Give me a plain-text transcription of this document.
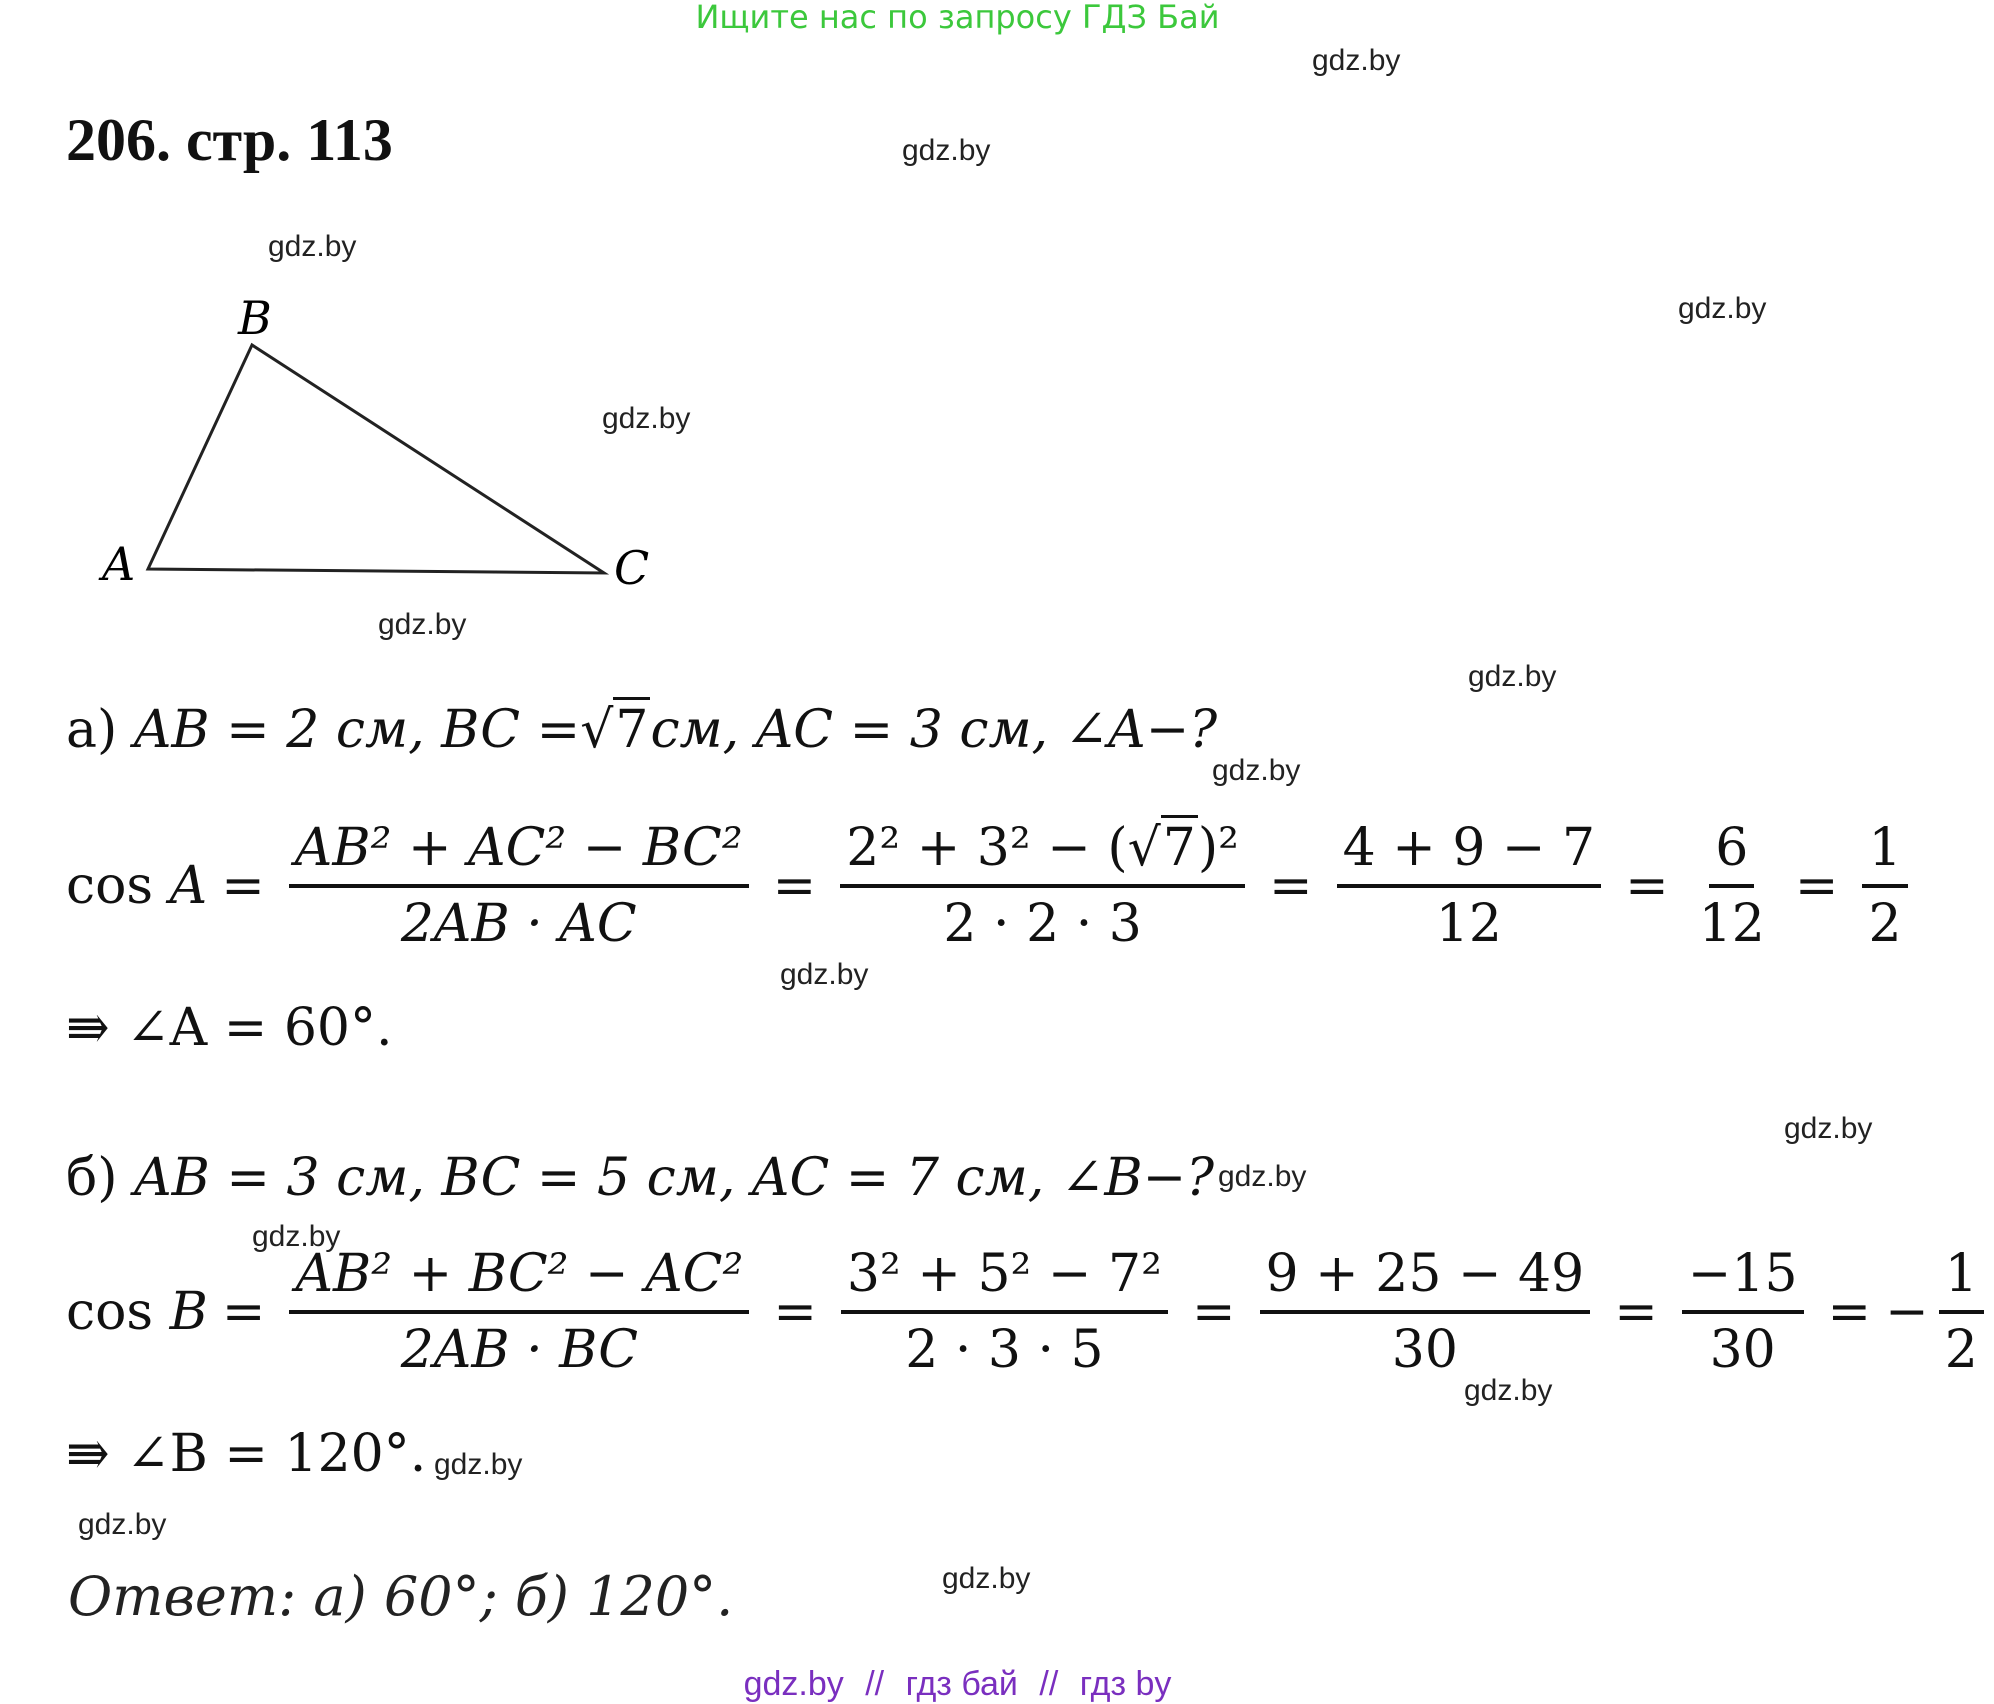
Ищите нас по запросу ГДЗ Бай
gdz.by
gdz.by
gdz.by
gdz.by
gdz.by
gdz.by
gdz.by
gdz.by
gdz.by
gdz.by
gdz.by
gdz.by
gdz.by
gdz.by
gdz.by
gdz.by
206. стр. 113
B
A	C
а)
AB = 2 см, BC = √7 см, AC = 3 см, ∠A−?
cos
$A = \frac{\text{AB² + AC² − BC²}}{2AB \cdot AC} = \frac{\text{2² + 3² − (√7)²}}{2 \cdot 2 \cdot 3} = \frac{4 + 9 - 7}{12} = \frac{6}{12} = \frac{1}{2}$
⇛ ∠A = 60°.
б)
AB = 3 см, BC = 5 см, AC = 7 см, ∠B−?
cos
$B = \frac{\text{AB² + BC² − AC²}}{2AB \cdot BC} = \frac{\text{3² + 5² − 7²}}{2 \cdot 3 \cdot 5} = \frac{9 + 25 - 49}{30} = \frac{-15}{30}$ = − $\frac{1}{2}$
⇛ ∠B = 120°.
Ответ: а) 60°; б) 120°.
gdz.by // гдз бай // гдз by
